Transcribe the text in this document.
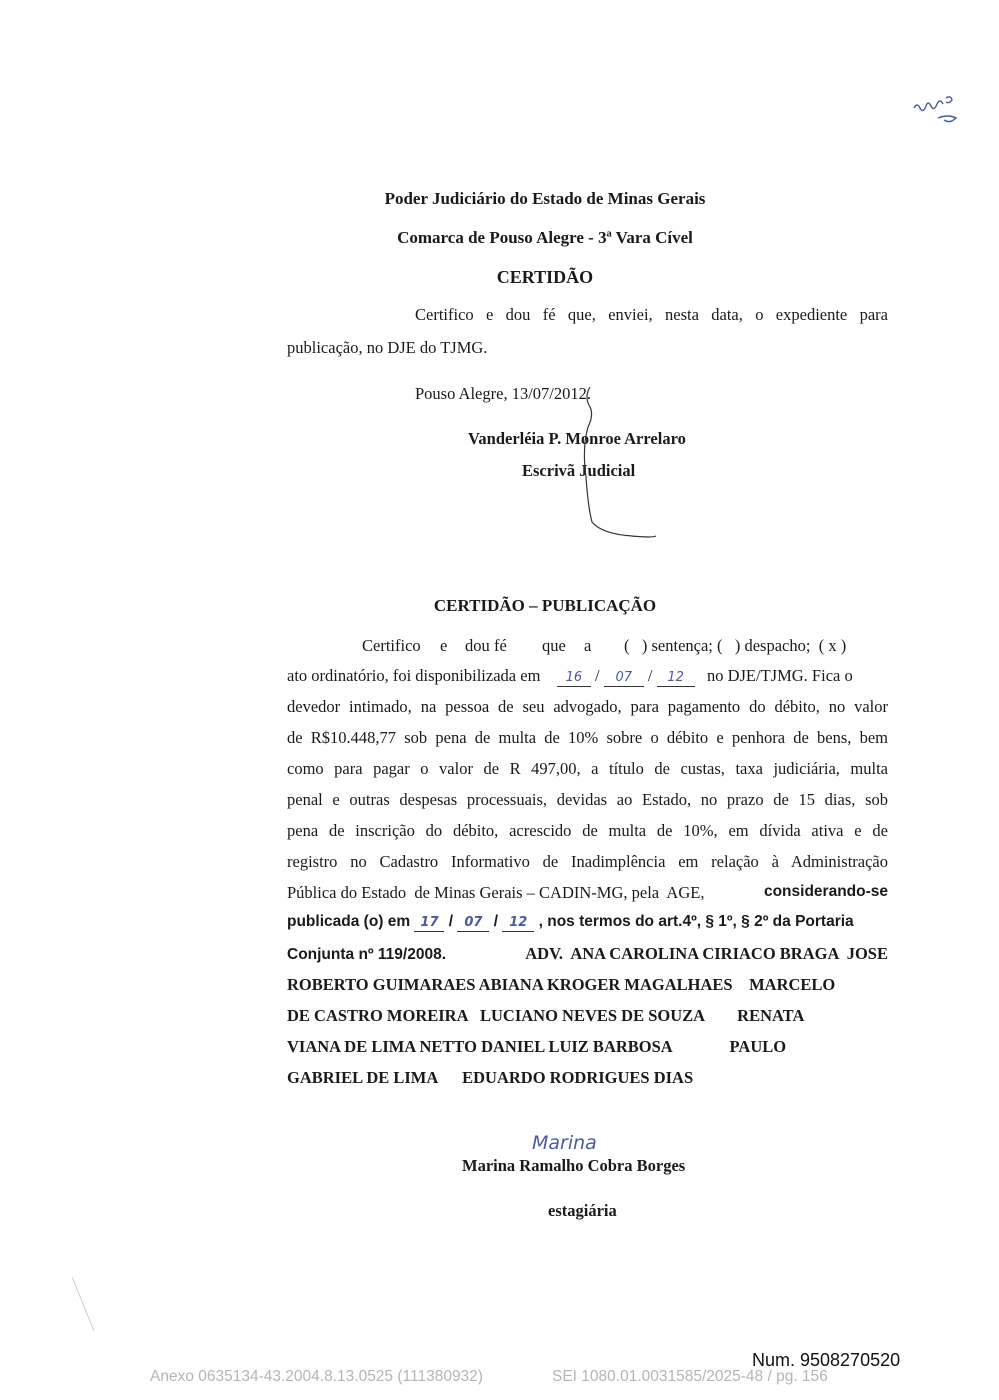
Poder Judiciário do Estado de Minas Gerais
Comarca de Pouso Alegre - 3ª Vara Cível
CERTIDÃO
Certifico e dou fé que, enviei, nesta data, o expediente para
publicação, no DJE do TJMG.
Pouso Alegre, 13/07/2012.
Vanderléia P. Monroe Arrelaro
Escrivã Judicial
CERTIDÃO – PUBLICAÇÃO
Certifico e dou fé que a (   ) sentença; (   ) despacho;  ( x )
ato ordinatório, foi disponibilizada em 16 / 07 / 12 no DJE/TJMG. Fica o
devedor intimado, na pessoa de seu advogado, para pagamento do débito, no valor
de R$10.448,77 sob pena de multa de 10% sobre o débito e penhora de bens, bem
como para pagar o valor de R 497,00, a título de custas, taxa judiciária, multa
penal e outras despesas processuais, devidas ao Estado, no prazo de 15 dias, sob
pena de inscrição do débito, acrescido de multa de 10%, em dívida ativa e de
registro no Cadastro Informativo de Inadimplência em relação à Administração
Pública do Estado  de Minas Gerais – CADIN-MG, pela  AGE,	considerando-se
publicada (o) em 17 / 07 / 12 , nos termos do art.4º, § 1º, § 2º da Portaria
Conjunta nº 119/2008.	ADV.  ANA CAROLINA CIRIACO BRAGA  JOSE
ROBERTO GUIMARAES ABIANA KROGER MAGALHAES    MARCELO
DE CASTRO MOREIRA   LUCIANO NEVES DE SOUZA        RENATA
VIANA DE LIMA NETTO DANIEL LUIZ BARBOSA              PAULO
GABRIEL DE LIMA      EDUARDO RODRIGUES DIAS
Marina
Marina Ramalho Cobra Borges
estagiária
Num. 9508270520
Anexo 0635134-43.2004.8.13.0525 (111380932)	SEI 1080.01.0031585/2025-48 / pg. 156
